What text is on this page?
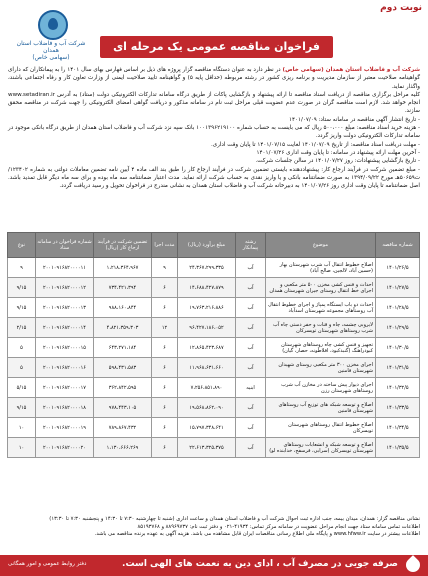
نوبت دوم
شرکت آب و فاضلاب استان همدان
(سهامی خاص)
فراخوان مناقصه عمومی یک مرحله ای

شرکت آب و فاضلاب استان همدان (سهامی خاص) در نظر دارد به عنوان دستگاه مناقصه گزار پروژه های ذیل بر اساس فهارس بهای سال ۱۴۰۱ را به پیمانکاران که دارای گواهینامه صلاحیت معتبر از سازمان مدیریت و برنامه ریزی کشور در رشته مربوطه (حداقل پایه ۵) و گواهینامه تایید صلاحیت ایمنی از وزارت تعاون کار و رفاه اجتماعی باشند، واگذار نماید.

کلیه مراحل برگزاری مناقصه از دریافت اسناد مناقصه تا ارائه پیشنهاد و بازگشایی پاکات از طریق درگاه سامانه تدارکات الکترونیکی دولت (ستاد) به آدرس www.setadiran.ir انجام خواهد شد. لازم است مناقصه گران در صورت عدم عضویت قبلی مراحل ثبت نام در سامانه مذکور و دریافت گواهی امضای الکترونیکی را جهت شرکت در مناقصه محقق سازند.

- تاریخ انتشار آگهی مناقصه در سامانه ستاد: ۱۴۰۱/۰۷/۰۹

- هزینه خرید اسناد مناقصه: مبلغ ۵۰۰،۰۰۰ ریال که می بایست به حساب شماره ۱۰۰۱۳۹۶۲۱۹۱۰۰ بانک سپه نزد شرکت آب و فاضلاب استان همدان از طریق درگاه بانکی موجود در سامانه تدارکات الکترونیکی دولت واریز گردد.

- مهلت دریافت اسناد مناقصه: از تاریخ ۱۴۰۱/۰۷/۰۹ لغایت ۱۴۰۱/۰۷/۱۵ تا پایان وقت اداری.

- آخرین مهلت ارائه پیشنهاد در سامانه: تا پایان وقت اداری ۱۴۰۱/۰۷/۲۶

- تاریخ بازگشایی پیشنهادات: روز ۱۴۰۱/۰۷/۲۷ در سالن جلسات شرکت.

- مبلغ تضمین شرکت در فرآیند ارجاع کار: پیشنهاددهنده بایستی تضمین شرکت در فرآیند ارجاع کار را طبق بند الف ماده ۴ آیین نامه تضمین معاملات دولتی به شماره ۱۲۳۴۰۲/ت۵۰۶۵۹هـ مورخ ۱۳۹۴/۰۹/۲۲ به صورت ضمانتنامه بانکی و یا واریز نقدی به حساب شرکت ارائه نماید. مدت اعتبار ضمانتنامه سه ماه بوده و برای سه ماه دیگر قابل تمدید باشد. اصل ضمانتنامه تا پایان وقت اداری روز ۱۴۰۱/۰۷/۲۶ به دبیرخانه شرکت آب و فاضلاب استان همدان به نشانی مندرج در فراخوان تحویل و رسید دریافت گردد.

شماره مناقصه	موضوع	رشته پیمانکار	مبلغ برآورد (ریال)	مدت اجرا	تضمین شرکت در فرآیند ارجاع کار (ریال)	شماره فراخوان در سامانه ستاد	نوع
۱۴۰۱/۲۶/۵	اصلاح خطوط انتقال آب شرب شهرستان بهار (حسین آباد، لالجین، صالح آباد)	آب	۲۴،۳۶۷،۲۹۹،۳۳۵	۹	۱،۲۱۸،۳۶۴،۹۶۷	۲۰۰۱۰۹۱۶۸۲۰۰۰۰۱۱	۹
۱۴۰۱/۲۷/۵	احداث و فنس کشی مخزن ۵۰۰ متر مکعبی و اجرای خط انتقال روستای جیران شهرستان همدان	آب	۱۴،۶۸۸،۴۲۷،۸۷۹	۶	۷۳۴،۴۲۱،۳۹۴	۲۰۰۱۰۹۱۶۸۲۰۰۰۰۱۲	۹/۱۵
۱۴۰۱/۲۸/۵	احداث دو باب ایستگاه پمپاژ و اجرای خطوط انتقال آب روستاهای مجموعه شهرستان اسدآباد	آب	۱۹،۷۶۳،۲۱۶،۸۸۶	۶	۹۸۸،۱۶۰،۸۴۴	۲۰۰۱۰۹۱۶۸۲۰۰۰۰۱۳	۹/۱۵
۱۴۰۱/۲۹/۵	لایروبی چشمه، چاه و قنات و حفر دستی چاه آب شرب روستاهای شهرستان تویسرکان	آب	۹۶،۴۲۷،۱۸۶،۰۵۲	۱۲	۴،۸۲۱،۳۵۹،۳۰۳	۲۰۰۱۰۹۱۶۸۲۰۰۰۰۱۴	۲/۱۵
۱۴۰۱/۳۰/۵	تجهیز و فنس کشی چاه روستاهای شهرستان کبودراهنگ (گنبدکبود، افلاطونه، حصار، گیان)	آب	۱۲،۸۶۵،۴۲۳،۶۸۷	۶	۶۴۳،۲۷۱،۱۸۴	۲۰۰۱۰۹۱۶۸۲۰۰۰۰۱۵	۵
۱۴۰۱/۳۱/۵	اجرای مخزن ۳۰۰ متر مکعبی روستای شهیدان شهرستان فامنین	آب	۱۱،۹۶۸،۶۳۱،۶۶۰	۶	۵۹۸،۴۳۱،۵۸۳	۲۰۰۱۰۹۱۶۸۲۰۰۰۰۱۶	۵
۱۴۰۱/۳۲/۵	اجرای دیوار پیش ساخته در مخازن آب شرب روستاهای شهرستان رزن	ابنیه	۷،۲۵۶،۸۵۱،۸۹۰	۶	۳۶۲،۸۴۲،۵۹۵	۲۰۰۱۰۹۱۶۸۲۰۰۰۰۱۷	۵/۱۵
۱۴۰۱/۳۳/۵	اصلاح و توسعه شبکه های توزیع آب روستاهای شهرستان فامنین	آب	۱۹،۵۶۸،۸۶۲،۰۹۰	۶	۹۷۸،۴۴۳،۱۰۵	۲۰۰۱۰۹۱۶۸۲۰۰۰۰۱۸	۹/۱۵
۱۴۰۱/۳۴/۵	اصلاح خطوط انتقال روستاهای شهرستان تویسرکان	آب	۱۵،۷۹۷،۳۴۸،۶۴۱	۶	۷۸۹،۸۶۷،۴۳۲	۲۰۰۱۰۹۱۶۸۲۰۰۰۰۱۹	۱۰
۱۴۰۱/۳۵/۵	اصلاح و توسعه شبکه و انشعابات روستاهای شهرستان تویسرکان (سرابی، فرسفج، خدابنده لو)	آب	۲۲،۶۱۳،۳۲۵،۳۷۵	۶	۱،۱۳۰،۶۶۶،۲۶۹	۲۰۰۱۰۹۱۶۸۲۰۰۰۰۲۰	۱۰

نشانی مناقصه گزار: همدان، میدان بیمه، جنب اداره ثبت احوال شرکت آب و فاضلاب استان همدان و ساعت اداری (شنبه تا چهارشنبه ۷:۳۰ تا ۱۴:۳۰ و پنجشنبه ۷:۳۰ تا ۱۳:۳۰)

اطلاعات تماس سامانه ستاد جهت انجام مراحل عضویت در سامانه مرکز تماس: ۴۱۹۳۴-۰۲۱ و دفتر ثبت نام: ۸۸۹۶۹۷۳۷ و ۸۵۱۹۳۷۶۸

اطلاعات بیشتر در سایت www.hfww.ir و پایگاه ملی اطلاع رسانی مناقصات ایران قابل مشاهده می باشد. هزینه آگهی به عهده برنده مناقصه می باشد.

صرفه جویی در مصرف آب ، ادای دین به نعمت های الهی است.
دفتر روابط عمومی و امور همگانی
